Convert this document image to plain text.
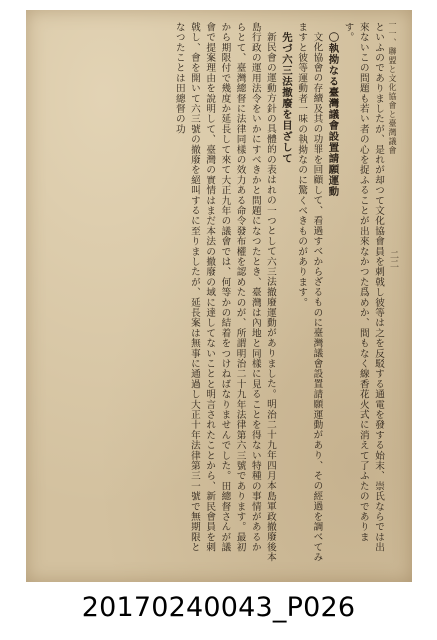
一一、聯盟と文化協會と臺灣議會
二二

といふのでありましたが、是れが却つて文化協會員を刺戟し彼等は之を反駁する通電を發する始末、崇氏ならでは出來ないこの問題も若い者の心を捉ふることが出來なかつた爲めか、間もなく線香花火式に消えて了ふたのであります。

〇執拗なる臺灣議會設置請願運動

文化協會の存續及其の功罪を回顧して、看過すべからざるものに臺灣議會設置請願運動があり、その經過を調べてみますと彼等運動者一味の執拗なのに驚くべきものがあります。

先づ六三法撤廢を目ざして

新民會の運動方針の具體的の表はれの一つとして六三法撤廢運動がありました。明治二十九年四月本島軍政撤廢後本島行政の運用法令をいかにすべきかと問題になつたとき、臺灣は內地と同樣に見ることを得ない特種の事情があるからとて、臺灣總督に法律同樣の效力ある命令發布權を認めたのが、所謂明治二十九年法律第六三號であります。最初から期限付で幾度か延長して來て大正九年の議會では、何等かの結着をつけねばなりませんでした。田總督さんが議會で提案理由を說明して、臺灣の實情はまだ本法の撤廢の域に達してないことと明言されたことから、新民會員を刺戟し、會を開いて六三號の撤廢を絕叫するに至りましたが、延長案は無事に通過し大正十年法律第三一號で無期限となつたことは田總督の功

20170240043_P026
